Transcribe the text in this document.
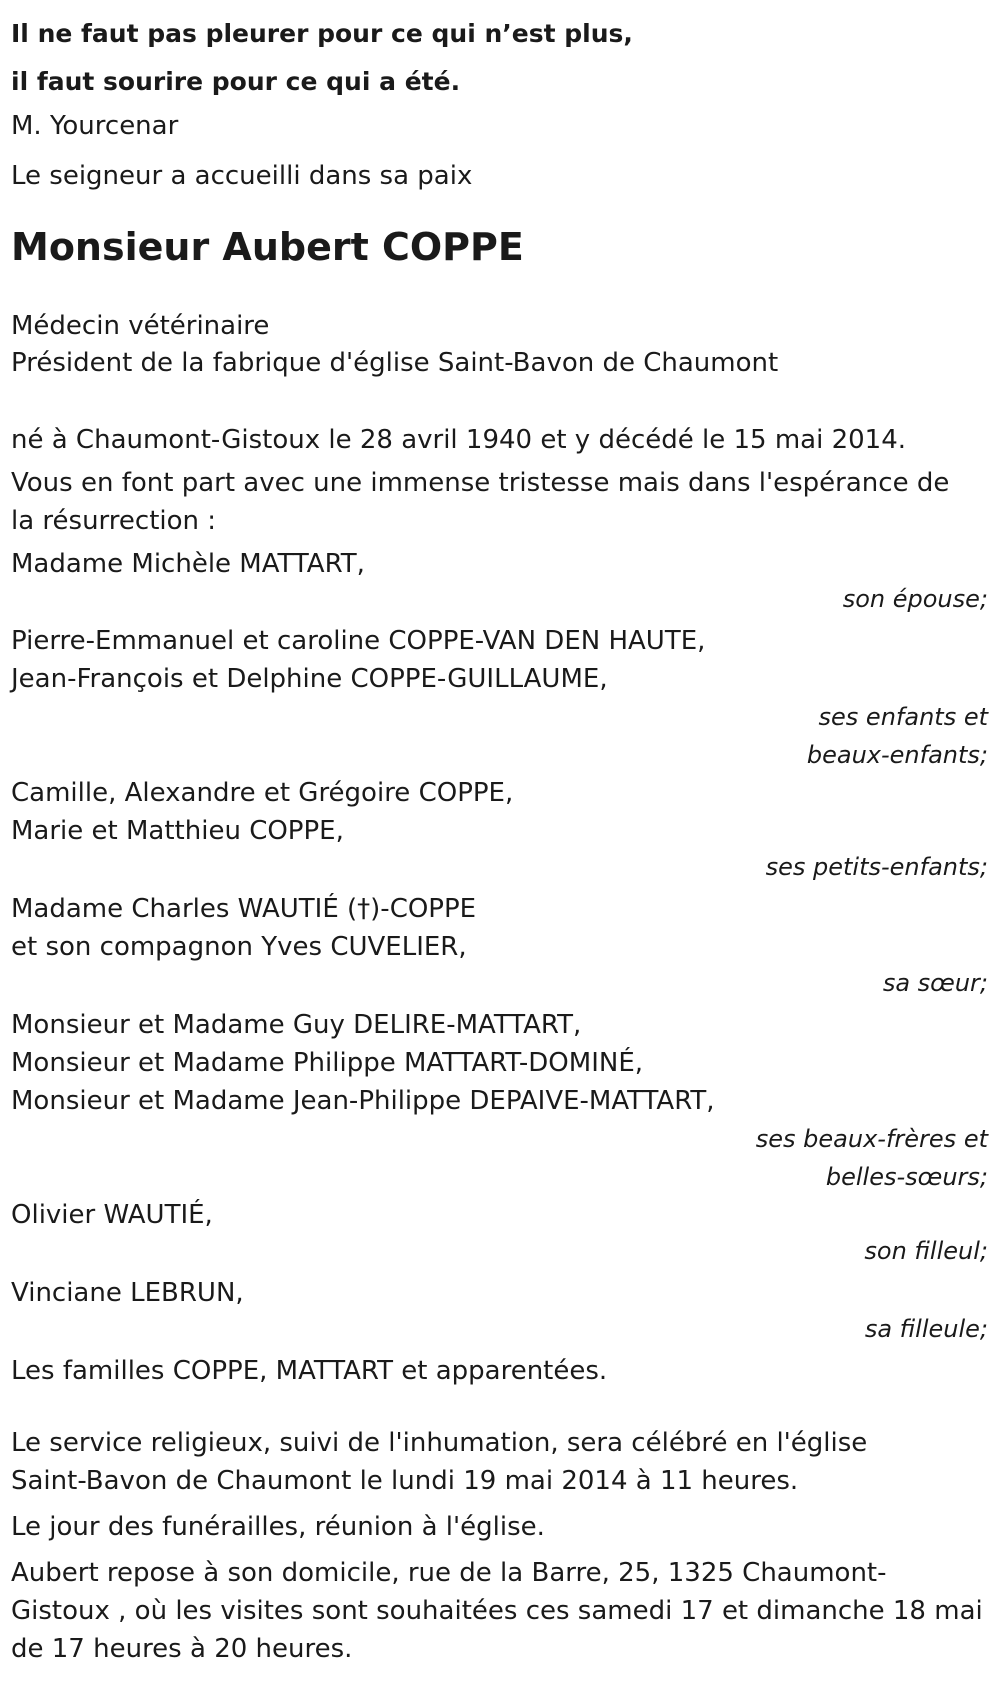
Il ne faut pas pleurer pour ce qui n’est plus,

il faut sourire pour ce qui a été.

M. Yourcenar

Le seigneur a accueilli dans sa paix

Monsieur Aubert COPPE

Médecin vétérinaire

Président de la fabrique d'église Saint-Bavon de Chaumont

né à Chaumont-Gistoux le 28 avril 1940 et y décédé le 15 mai 2014.

Vous en font part avec une immense tristesse mais dans l'espérance de

la résurrection :

Madame Michèle MATTART,

son épouse;

Pierre-Emmanuel et caroline COPPE-VAN DEN HAUTE,

Jean-François et Delphine COPPE-GUILLAUME,

ses enfants et

beaux-enfants;

Camille, Alexandre et Grégoire COPPE,

Marie et Matthieu COPPE,

ses petits-enfants;

Madame Charles WAUTIÉ (†)-COPPE

et son compagnon Yves CUVELIER,

sa sœur;

Monsieur et Madame Guy DELIRE-MATTART,

Monsieur et Madame Philippe MATTART-DOMINÉ,

Monsieur et Madame Jean-Philippe DEPAIVE-MATTART,

ses beaux-frères et

belles-sœurs;

Olivier WAUTIÉ,

son filleul;

Vinciane LEBRUN,

sa filleule;

Les familles COPPE, MATTART et apparentées.

Le service religieux, suivi de l'inhumation, sera célébré en l'église

Saint-Bavon de Chaumont le lundi 19 mai 2014 à 11 heures.

Le jour des funérailles, réunion à l'église.

Aubert repose à son domicile, rue de la Barre, 25, 1325 Chaumont-

Gistoux , où les visites sont souhaitées ces samedi 17 et dimanche 18 mai

de 17 heures à 20 heures.
